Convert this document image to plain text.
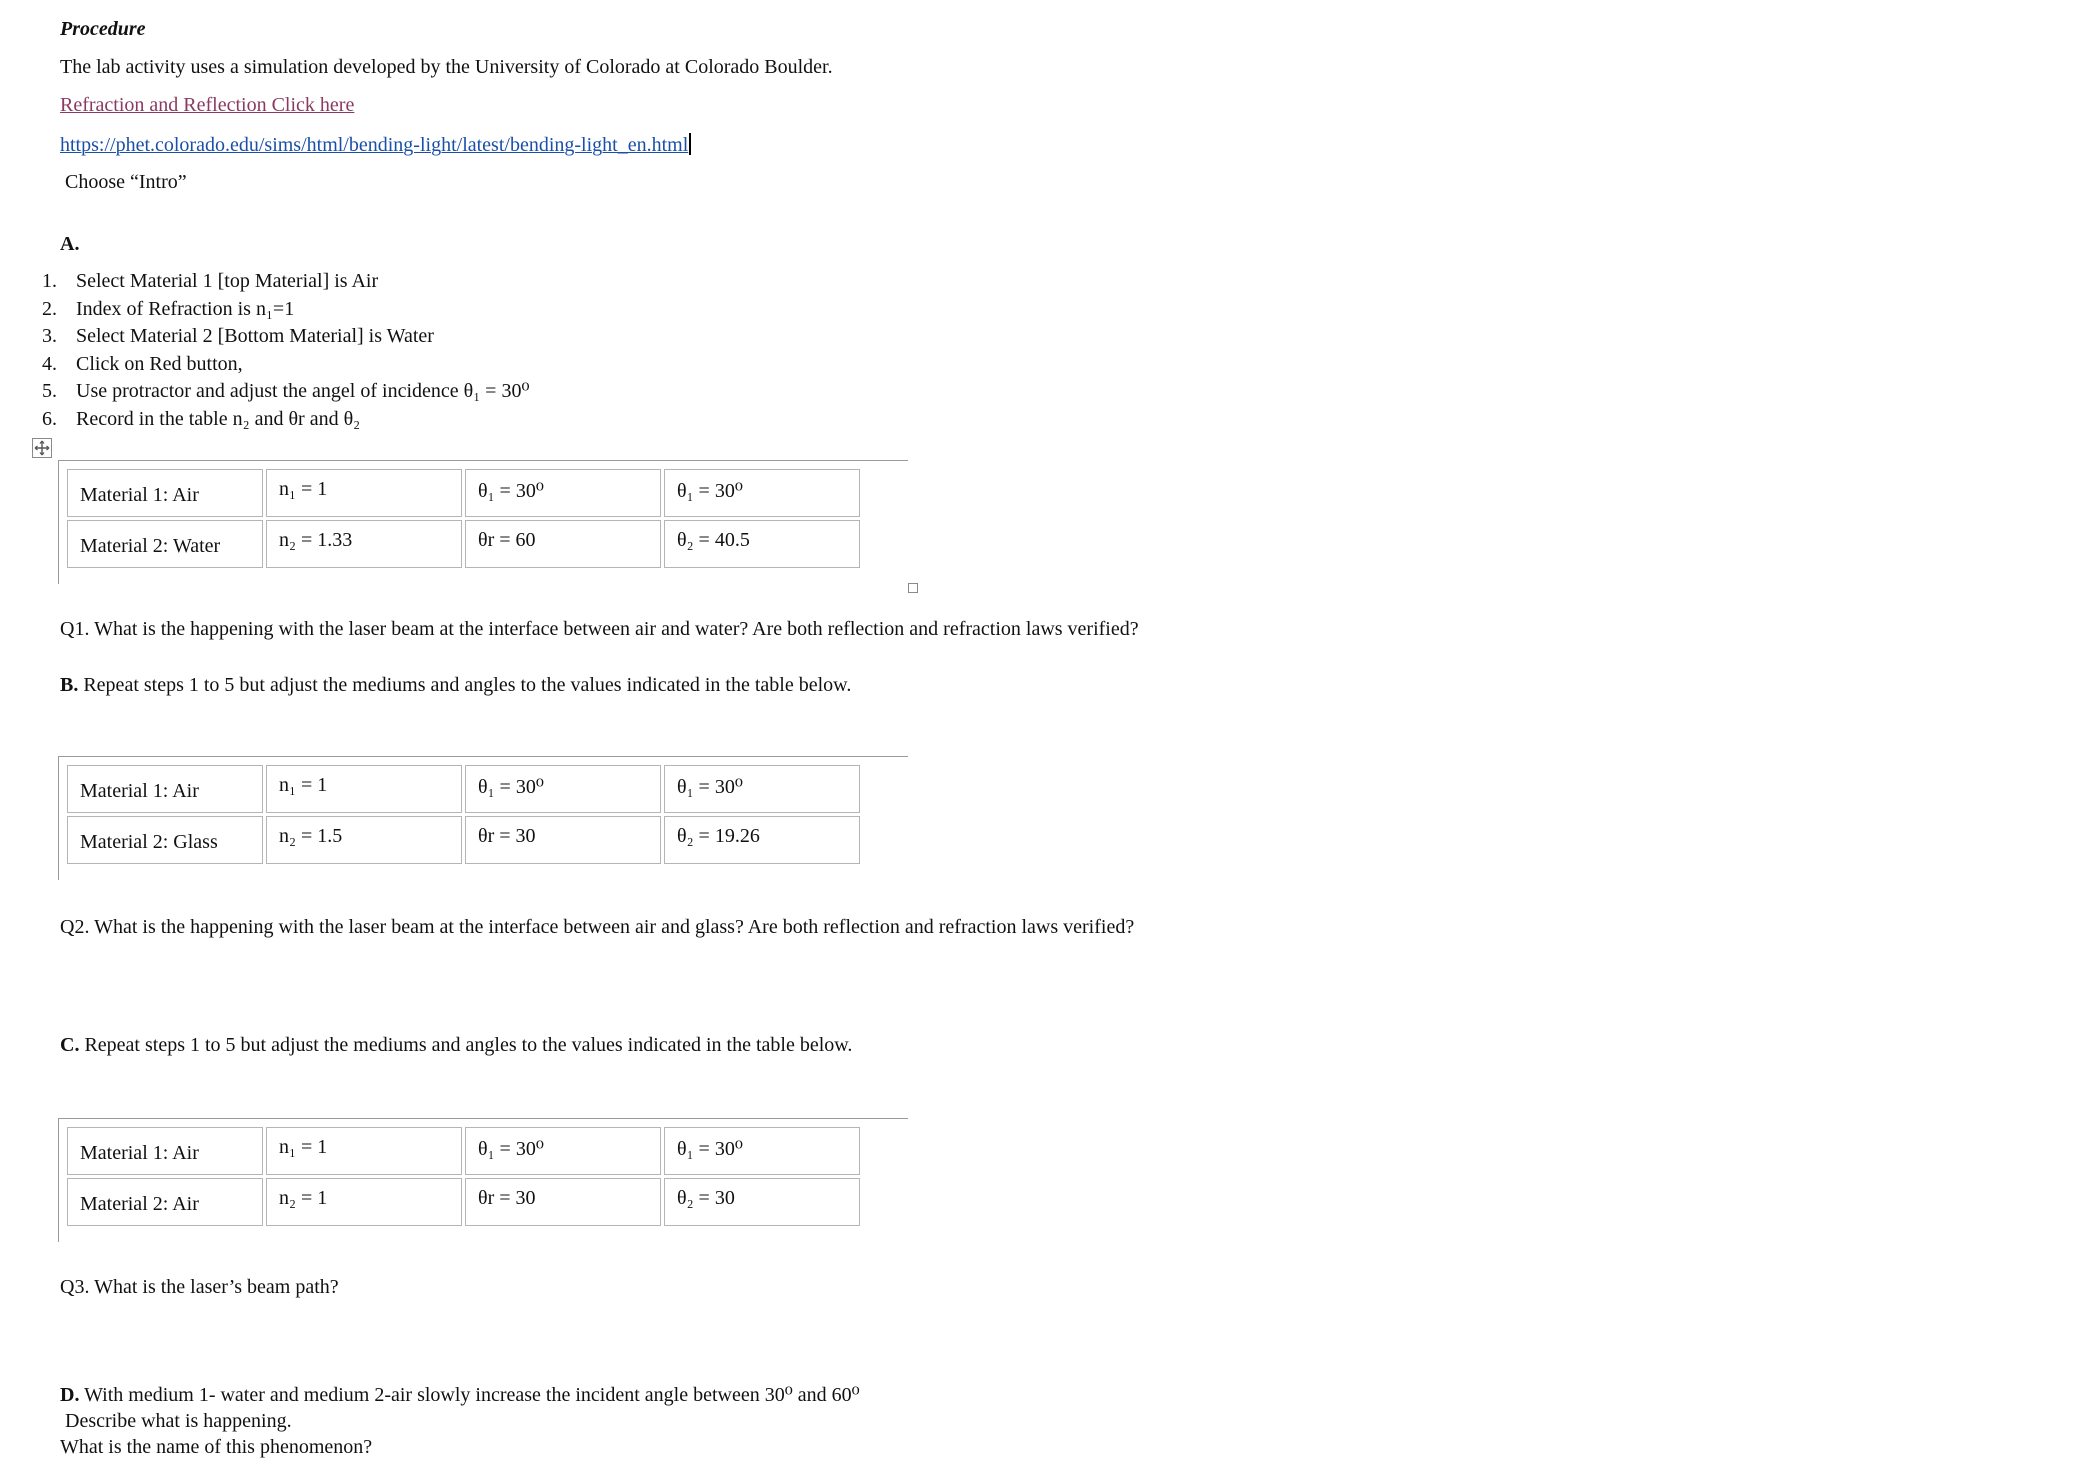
Procedure
The lab activity uses a simulation developed by the University of Colorado at Colorado Boulder.
Refraction and Reflection Click here
https://phet.colorado.edu/sims/html/bending-light/latest/bending-light_en.html
Choose “Intro”
A.
1. Select Material 1 [top Material] is Air
2. Index of Refraction is n₁=1
3. Select Material 2 [Bottom Material] is Water
4. Click on Red button,
5. Use protractor and adjust the angel of incidence θ₁ = 30⁰
6. Record in the table n₂ and θr and θ₂
Material 1: Air	n₁ = 1	θ₁ = 30⁰	θ₁ = 30⁰

Material 2: Water	n₂ = 1.33	θr = 60	θ₂ = 40.5
Q1. What is the happening with the laser beam at the interface between air and water? Are both reflection and refraction laws verified?
B. Repeat steps 1 to 5 but adjust the mediums and angles to the values indicated in the table below.
Material 1: Air	n₁ = 1	θ₁ = 30⁰	θ₁ = 30⁰

Material 2: Glass	n₂ = 1.5	θr = 30	θ₂ = 19.26
Q2. What is the happening with the laser beam at the interface between air and glass? Are both reflection and refraction laws verified?
C. Repeat steps 1 to 5 but adjust the mediums and angles to the values indicated in the table below.
Material 1: Air	n₁ = 1	θ₁ = 30⁰	θ₁ = 30⁰

Material 2: Air	n₂ = 1	θr = 30	θ₂ = 30
Q3. What is the laser’s beam path?
D. With medium 1- water and medium 2-air slowly increase the incident angle between 30⁰ and 60⁰
Describe what is happening.
What is the name of this phenomenon?
